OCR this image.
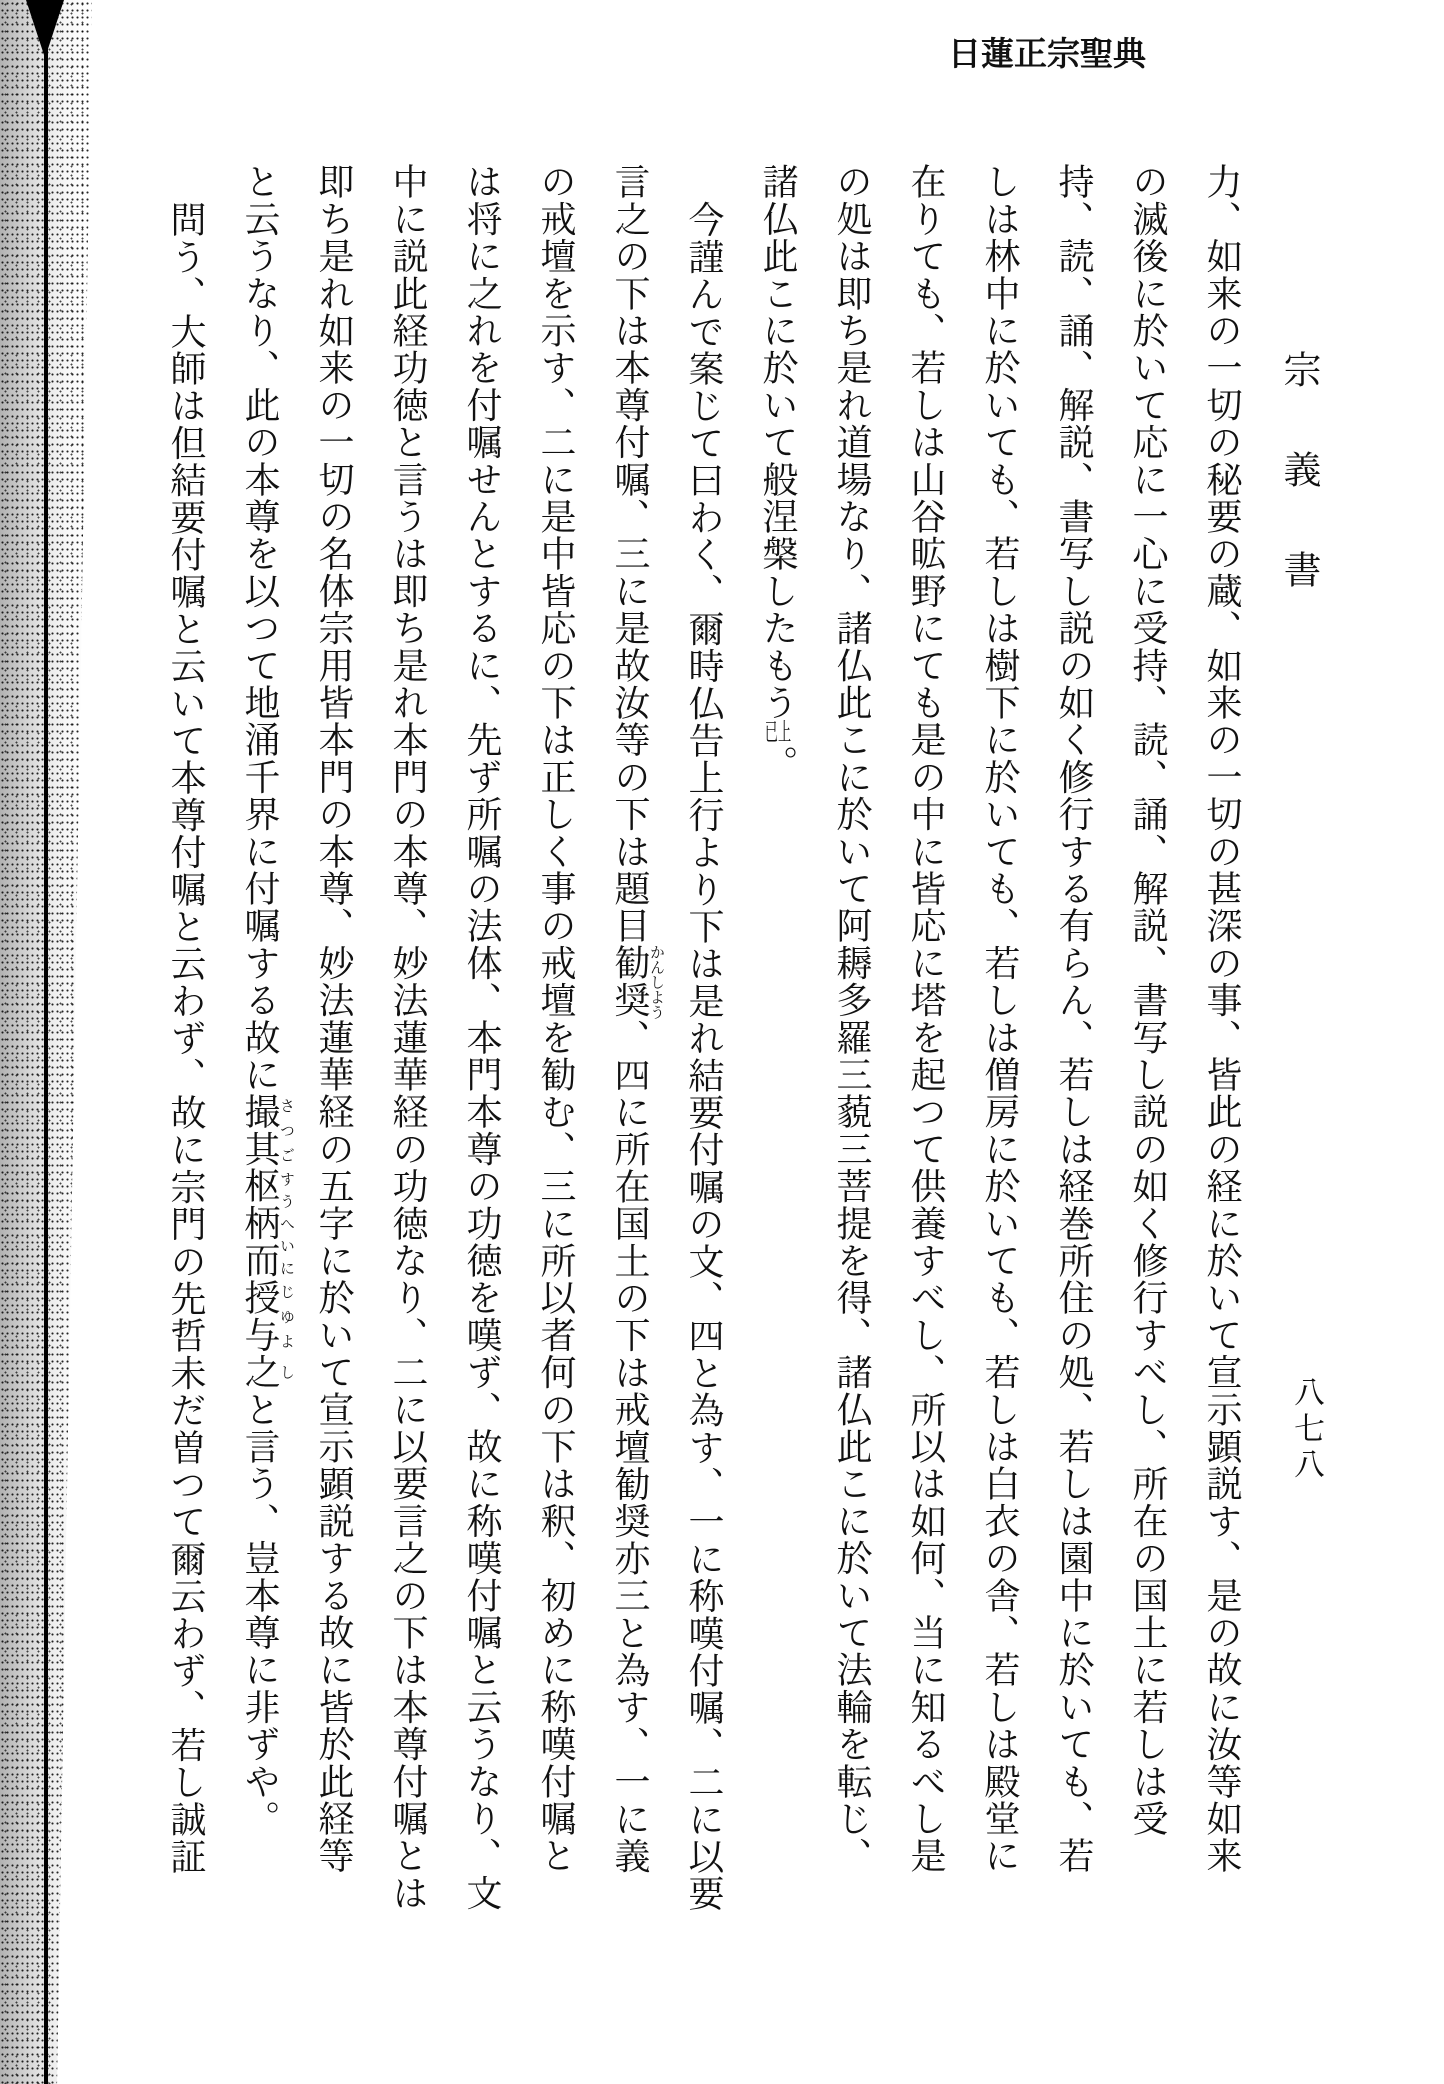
日蓮正宗聖典
宗義書
八七八
力、如来の一切の秘要の蔵、如来の一切の甚深の事、皆此の経に於いて宣示顕説す、是の故に汝等如来
の滅後に於いて応に一心に受持、読、誦、解説、書写し説の如く修行すべし、所在の国土に若しは受
持、読、誦、解説、書写し説の如く修行する有らん、若しは経巻所住の処、若しは園中に於いても、若
しは林中に於いても、若しは樹下に於いても、若しは僧房に於いても、若しは白衣の舎、若しは殿堂に
在りても、若しは山谷昿野にても是の中に皆応に塔を起つて供養すべし、所以は如何、当に知るべし是
の処は即ち是れ道場なり、諸仏此こに於いて阿耨多羅三藐三菩提を得、諸仏此こに於いて法輪を転じ、
諸仏此こに於いて般涅槃したもう已上。
今謹んで案じて曰わく、爾時仏告上行より下は是れ結要付嘱の文、四と為す、一に称嘆付嘱、二に以要
言之の下は本尊付嘱、三に是故汝等の下は題目勧奨かんしよう、四に所在国土の下は戒壇勧奨亦三と為す、一に義
の戒壇を示す、二に是中皆応の下は正しく事の戒壇を勧む、三に所以者何の下は釈、初めに称嘆付嘱と
は将に之れを付嘱せんとするに、先ず所嘱の法体、本門本尊の功徳を嘆ず、故に称嘆付嘱と云うなり、文
中に説此経功徳と言うは即ち是れ本門の本尊、妙法蓮華経の功徳なり、二に以要言之の下は本尊付嘱とは
即ち是れ如来の一切の名体宗用皆本門の本尊、妙法蓮華経の五字に於いて宣示顕説する故に皆於此経等
と云うなり、此の本尊を以つて地涌千界に付嘱する故に撮其さつご枢柄而すうへいに授与じゆよ之しと言う、豈本尊に非ずや。
問う、大師は但結要付嘱と云いて本尊付嘱と云わず、故に宗門の先哲未だ曽つて爾云わず、若し誠証
